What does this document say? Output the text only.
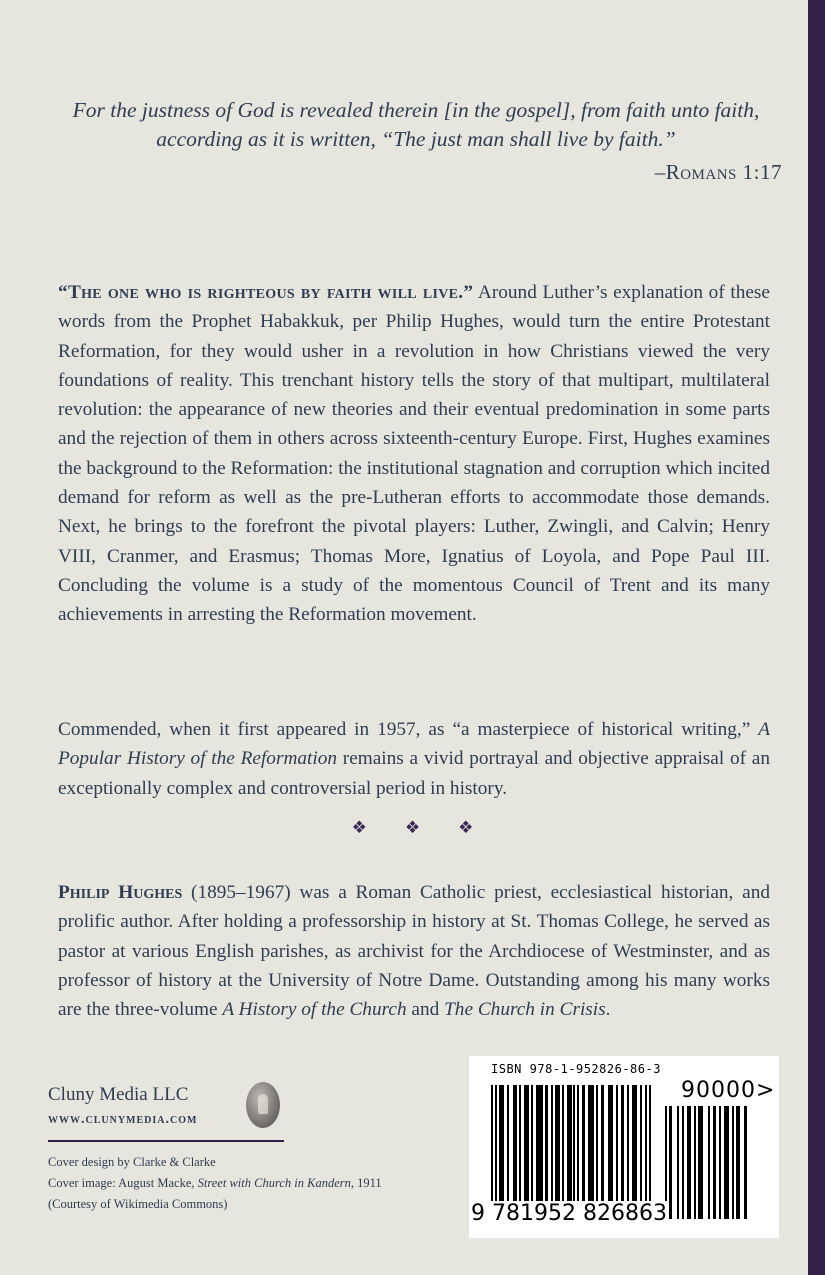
For the justness of God is revealed therein [in the gospel], from faith unto faith, according as it is written, “The just man shall live by faith.”
–Romans 1:17
“The one who is righteous by faith will live.” Around Luther’s explanation of these words from the Prophet Habakkuk, per Philip Hughes, would turn the entire Protestant Reformation, for they would usher in a revolution in how Christians viewed the very foundations of reality. This trenchant history tells the story of that multipart, multilateral revolution: the appearance of new theories and their eventual predomination in some parts and the rejection of them in others across sixteenth-century Europe. First, Hughes examines the background to the Reformation: the institutional stagnation and corruption which incited demand for reform as well as the pre-Lutheran efforts to accommodate those demands. Next, he brings to the forefront the pivotal players: Luther, Zwingli, and Calvin; Henry VIII, Cranmer, and Erasmus; Thomas More, Ignatius of Loyola, and Pope Paul III. Concluding the volume is a study of the momentous Council of Trent and its many achievements in arresting the Reformation movement.
Commended, when it first appeared in 1957, as “a masterpiece of historical writing,” A Popular History of the Reformation remains a vivid portrayal and objective appraisal of an exceptionally complex and controversial period in history.
❖ ❖ ❖
Philip Hughes (1895–1967) was a Roman Catholic priest, ecclesiastical historian, and prolific author. After holding a professorship in history at St. Thomas College, he served as pastor at various English parishes, as archivist for the Archdiocese of Westminster, and as professor of history at the University of Notre Dame. Outstanding among his many works are the three-volume A History of the Church and The Church in Crisis.
Cluny Media LLC
www.clunymedia.com
Cover design by Clarke & Clarke
Cover image: August Macke, Street with Church in Kandern, 1911
(Courtesy of Wikimedia Commons)
ISBN 978-1-952826-86-3
90000>
9 781952 826863
